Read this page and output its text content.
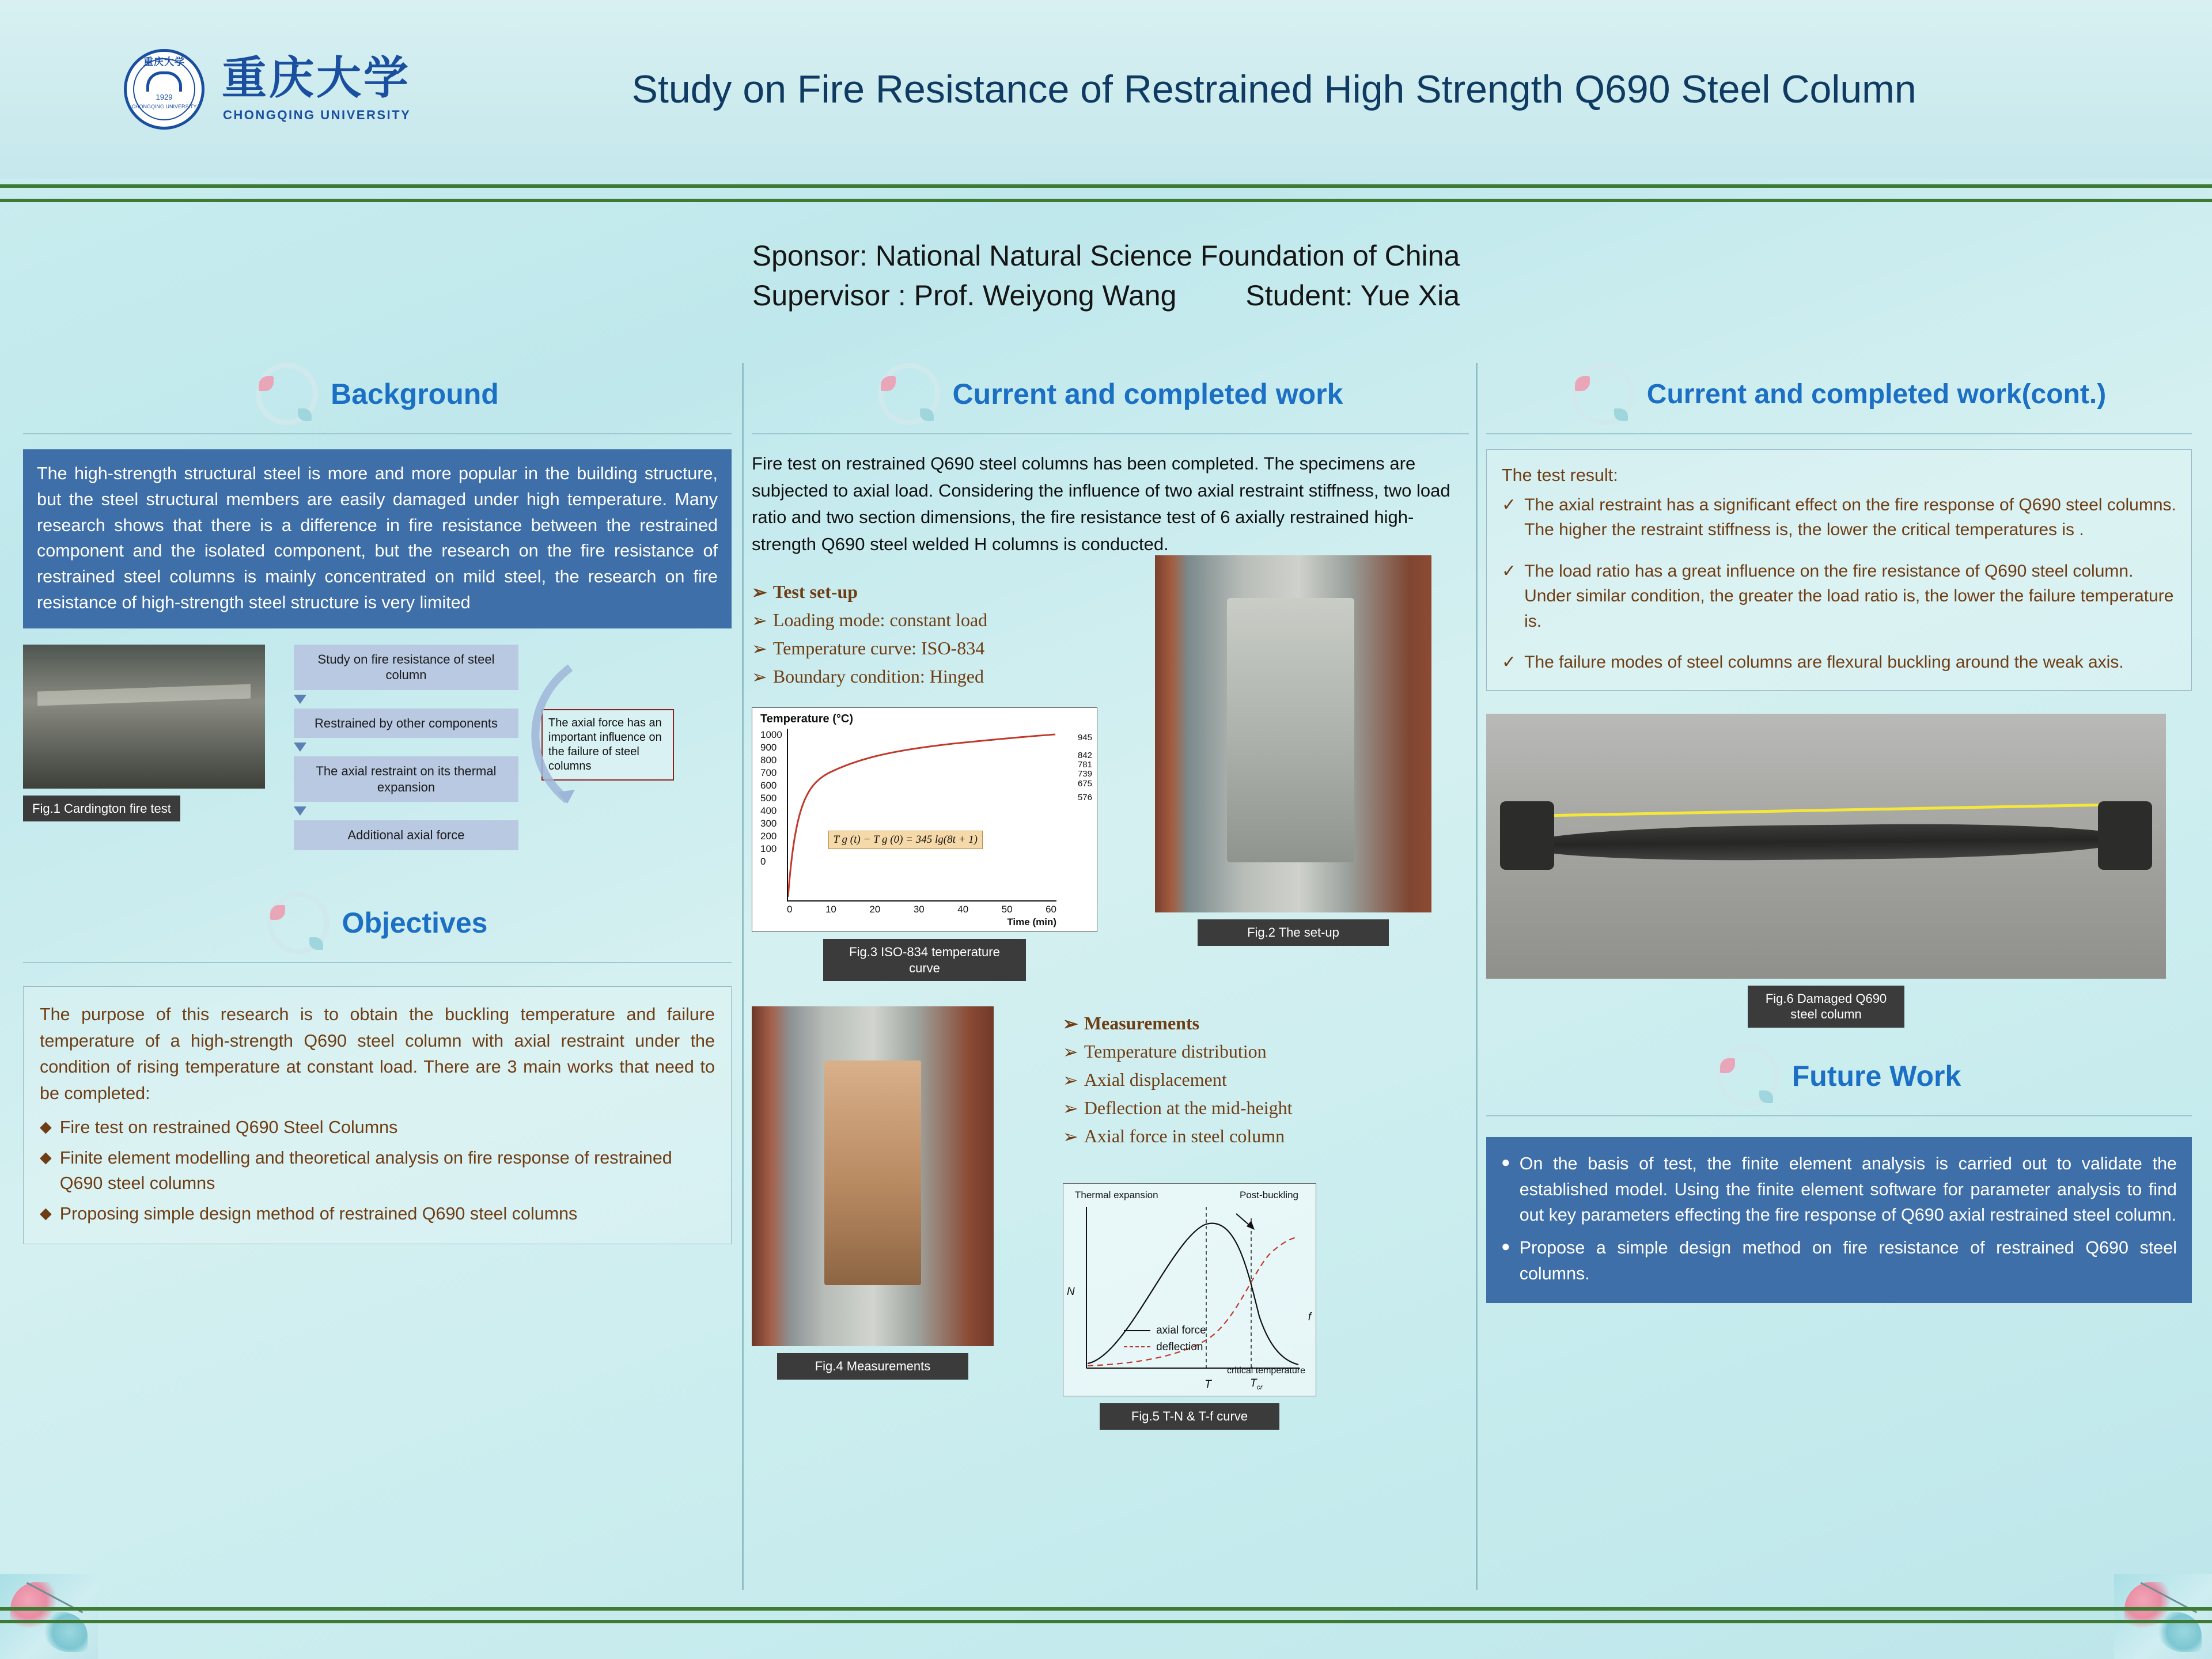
重庆大学
1929
CHONGQING UNIVERSITY
重庆大学
CHONGQING UNIVERSITY
Study on Fire Resistance of Restrained High Strength Q690 Steel Column
Sponsor: National Natural Science Foundation of China
Supervisor : Prof. Weiyong Wang Student: Yue Xia
Background
The high-strength structural steel is more and more popular in the building structure, but the steel structural members are easily damaged under high temperature. Many research shows that there is a difference in fire resistance between the restrained component and the isolated component, but the research on the fire resistance of restrained steel columns is mainly concentrated on mild steel, the research on fire resistance of high-strength steel structure is very limited
Fig.1 Cardington fire test
Study on fire resistance of steel column
Restrained by other components
The axial restraint on its thermal expansion
Additional axial force
The axial force has an important influence on the failure of steel columns
Objectives
The purpose of this research is to obtain the buckling temperature and failure temperature of a high-strength Q690 steel column with axial restraint under the condition of rising temperature at constant load. There are 3 main works that need to be completed:
◆ Fire test on restrained Q690 Steel Columns
◆ Finite element modelling and theoretical analysis on fire response of restrained Q690 steel columns
◆ Proposing simple design method of restrained Q690 steel columns
Current and completed work
Fire test on restrained Q690 steel columns has been completed. The specimens are subjected to axial load. Considering the influence of two axial restraint stiffness, two load ratio and two section dimensions, the fire resistance test of 6 axially restrained high-strength Q690 steel welded H columns is conducted.
➢ Test set-up
➢ Loading mode: constant load
➢ Temperature curve: ISO-834
➢ Boundary condition: Hinged
Temperature (°C)
1000
900
800
700
600
500
400
300
200
100
0
945
842
781
739
675
576
T g (t) − T g (0) = 345 lg(8t + 1)
0	10	20	30	40	50	60
Time (min)
Fig.3 ISO-834 temperature curve
Fig.2 The set-up
Fig.4 Measurements
➢ Measurements
➢ Temperature distribution
➢ Axial displacement
➢ Deflection at the mid-height
➢ Axial force in steel column
Thermal expansion	Post-buckling
N
critical temperature
T	$T_{cr}$
f
axial force
deflection
Fig.5 T-N & T-f curve
Current and completed work(cont.)
The test result:
✓ The axial restraint has a significant effect on the fire response of Q690 steel columns. The higher the restraint stiffness is, the lower the critical temperatures is .
✓ The load ratio has a great influence on the fire resistance of Q690 steel column. Under similar condition, the greater the load ratio is, the lower the failure temperature is.
✓ The failure modes of steel columns are flexural buckling around the weak axis.
Fig.6 Damaged Q690 steel column
Future Work
● On the basis of test, the finite element analysis is carried out to validate the established model. Using the finite element software for parameter analysis to find out key parameters effecting the fire response of Q690 axial restrained steel column.
● Propose a simple design method on fire resistance of restrained Q690 steel columns.
